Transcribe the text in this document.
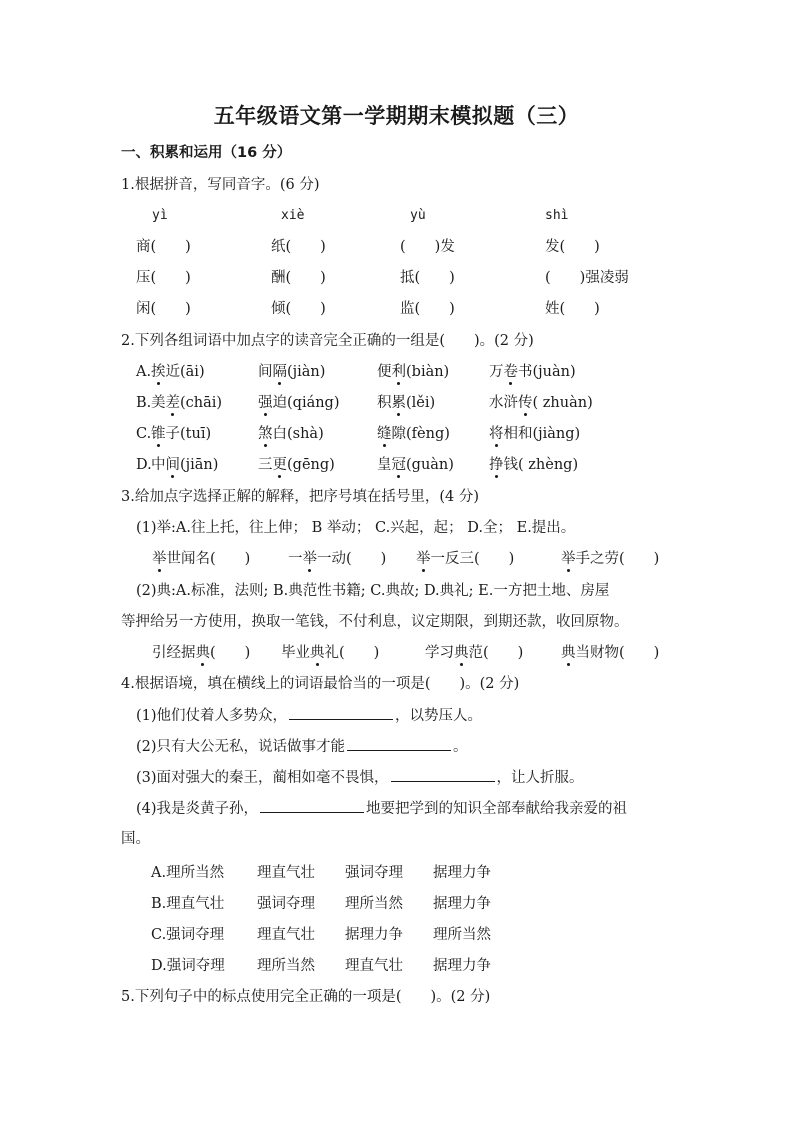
五年级语文第一学期期末模拟题（三）
一、积累和运用（16 分）
1.根据拼音，写同音字。(6 分)
yì	xiè	yù	shì
商(　　)	纸(　　)	(　　)发	发(　　)
压(　　)	酬(　　)	抵(　　)	(　　)强凌弱
闲(　　)	倾(　　)	监(　　)	姓(　　)
2.下列各组词语中加点字的读音完全正确的一组是(　　)。(2 分)
A. 挨近(āi)	间隔(jiàn)	便利(biàn)	万卷书(juàn)
B. 美差(chāi) 强迫(qiáng)	积累(lěi)	水浒传( zhuàn)
C. 锥子(tuī)	煞白(shà)	缝隙(fèng)	将相和(jiàng)
D. 中间(jiān)	三更(gēng)	皇冠(guàn) 挣钱( zhèng)
3.给加点字选择正解的解释，把序号填在括号里，(4 分)
(1)举:A.往上托，往上伸； B 举动； C.兴起，起； D.全； E.提出。
举世闻名(　　)	一举一动(　　) 举一反三(　　)	举手之劳(　　)
(2)典:A.标准，法则; B.典范性书籍; C.典故; D.典礼; E.一方把土地、房屋
等押给另一方使用，换取一笔钱，不付利息，议定期限，到期还款，收回原物。
引经据典(　　) 毕业典礼(　　)	学习典范(　　)	典当财物(　　)
4.根据语境，填在横线上的词语最恰当的一项是(　　)。(2 分)
(1)他们仗着人多势众，	，以势压人。
(2)只有大公无私，说话做事才能	。
(3)面对强大的秦王，蔺相如毫不畏惧，	，让人折服。
(4)我是炎黄子孙，	地要把学到的知识全部奉献给我亲爱的祖
国。
A.理所当然 理直气壮 强词夺理 据理力争
B.理直气壮 强词夺理 理所当然 据理力争
C.强词夺理 理直气壮 据理力争 理所当然
D.强词夺理 理所当然 理直气壮 据理力争
5.下列句子中的标点使用完全正确的一项是(　　)。(2 分)
